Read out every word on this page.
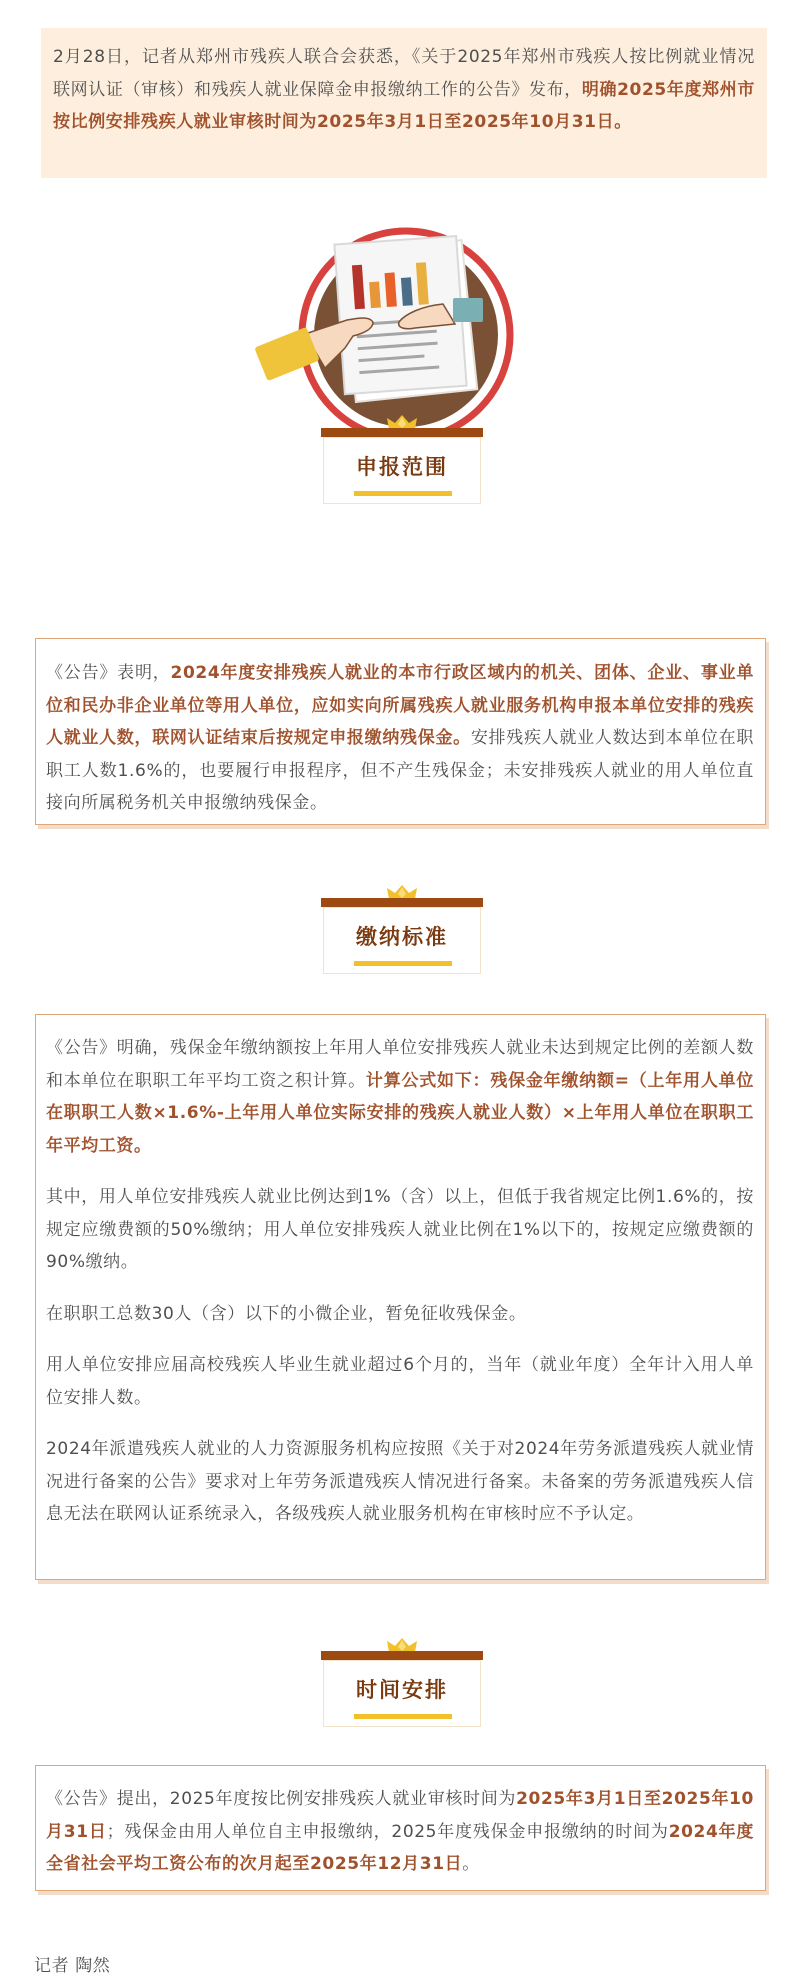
2月28日，记者从郑州市残疾人联合会获悉，《关于2025年郑州市残疾人按比例就业情况联网认证（审核）和残疾人就业保障金申报缴纳工作的公告》发布，明确2025年度郑州市按比例安排残疾人就业审核时间为2025年3月1日至2025年10月31日。

申报范围

《公告》表明，2024年度安排残疾人就业的本市行政区域内的机关、团体、企业、事业单位和民办非企业单位等用人单位，应如实向所属残疾人就业服务机构申报本单位安排的残疾人就业人数，联网认证结束后按规定申报缴纳残保金。安排残疾人就业人数达到本单位在职职工人数1.6%的，也要履行申报程序，但不产生残保金；未安排残疾人就业的用人单位直接向所属税务机关申报缴纳残保金。

缴纳标准

《公告》明确，残保金年缴纳额按上年用人单位安排残疾人就业未达到规定比例的差额人数和本单位在职职工年平均工资之积计算。计算公式如下：残保金年缴纳额=（上年用人单位在职职工人数×1.6%-上年用人单位实际安排的残疾人就业人数）×上年用人单位在职职工年平均工资。

其中，用人单位安排残疾人就业比例达到1%（含）以上，但低于我省规定比例1.6%的，按规定应缴费额的50%缴纳；用人单位安排残疾人就业比例在1%以下的，按规定应缴费额的90%缴纳。

在职职工总数30人（含）以下的小微企业，暂免征收残保金。

用人单位安排应届高校残疾人毕业生就业超过6个月的，当年（就业年度）全年计入用人单位安排人数。

2024年派遣残疾人就业的人力资源服务机构应按照《关于对2024年劳务派遣残疾人就业情况进行备案的公告》要求对上年劳务派遣残疾人情况进行备案。未备案的劳务派遣残疾人信息无法在联网认证系统录入，各级残疾人就业服务机构在审核时应不予认定。

时间安排

《公告》提出，2025年度按比例安排残疾人就业审核时间为2025年3月1日至2025年10月31日；残保金由用人单位自主申报缴纳，2025年度残保金申报缴纳的时间为2024年度全省社会平均工资公布的次月起至2025年12月31日。

记者 陶然
